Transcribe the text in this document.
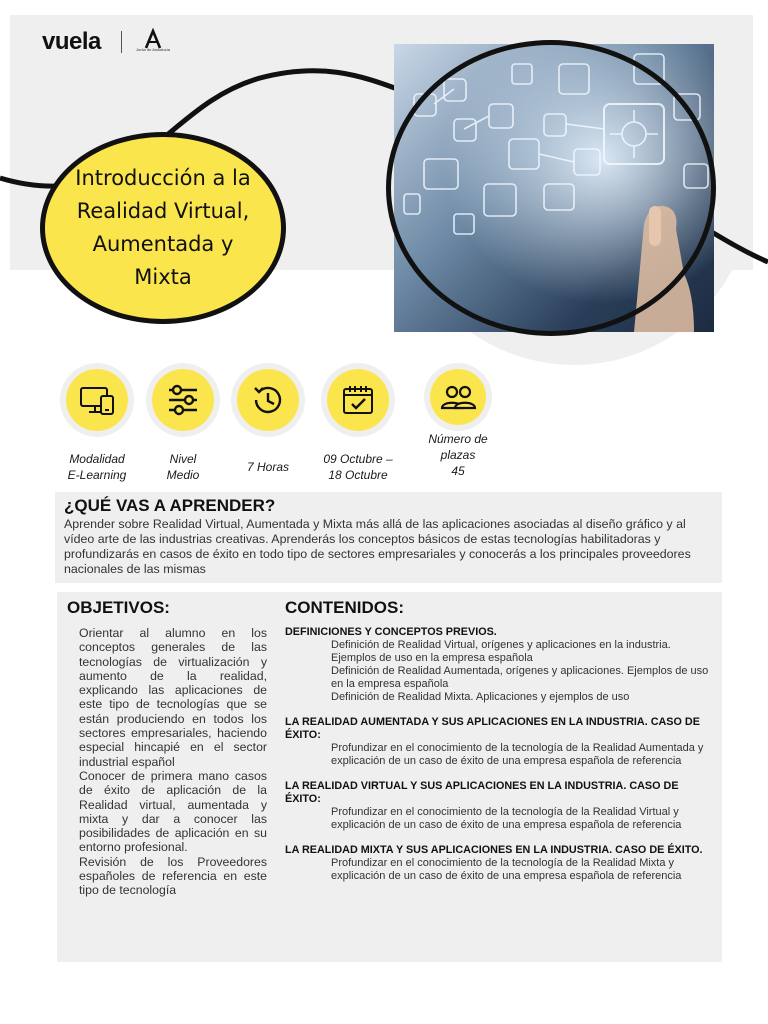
vuela	Junta de Andalucía
Introducción a la
Realidad Virtual,
Aumentada y Mixta
Modalidad
E-Learning
Nivel
Medio
7 Horas
09 Octubre –
18 Octubre
Número de
plazas
45
¿QUÉ VAS A APRENDER?
Aprender sobre Realidad Virtual, Aumentada y Mixta más allá de las aplicaciones asociadas al diseño gráfico y al vídeo arte de las industrias creativas. Aprenderás los conceptos básicos de estas tecnologías habilitadoras y profundizarás en casos de éxito en todo tipo de sectores empresariales y conocerás a los principales proveedores nacionales de las mismas
OBJETIVOS:
Orientar al alumno en los conceptos generales de las tecnologías de virtualización y aumento de la realidad, explicando las aplicaciones de este tipo de tecnologías que se están produciendo en todos los sectores empresariales, haciendo especial hincapié en el sector industrial español
Conocer de primera mano casos de éxito de aplicación de la Realidad virtual, aumentada y mixta y dar a conocer las posibilidades de aplicación en su entorno profesional.
Revisión de los Proveedores españoles de referencia en este tipo de tecnología
CONTENIDOS:
DEFINICIONES Y CONCEPTOS PREVIOS.
Definición de Realidad Virtual, orígenes y aplicaciones en la industria. Ejemplos de uso en la empresa española
Definición de Realidad Aumentada, orígenes y aplicaciones. Ejemplos de uso en la empresa española
Definición de Realidad Mixta. Aplicaciones y ejemplos de uso
LA REALIDAD AUMENTADA Y SUS APLICACIONES EN LA INDUSTRIA. CASO DE ÉXITO:
Profundizar en el conocimiento de la tecnología de la Realidad Aumentada y explicación de un caso de éxito de una empresa española de referencia
LA REALIDAD VIRTUAL Y SUS APLICACIONES EN LA INDUSTRIA. CASO DE ÉXITO:
Profundizar en el conocimiento de la tecnología de la Realidad Virtual y explicación de un caso de éxito de una empresa española de referencia
LA REALIDAD MIXTA Y SUS APLICACIONES EN LA INDUSTRIA. CASO DE ÉXITO.
Profundizar en el conocimiento de la tecnología de la Realidad Mixta y explicación de un caso de éxito de una empresa española de referencia
